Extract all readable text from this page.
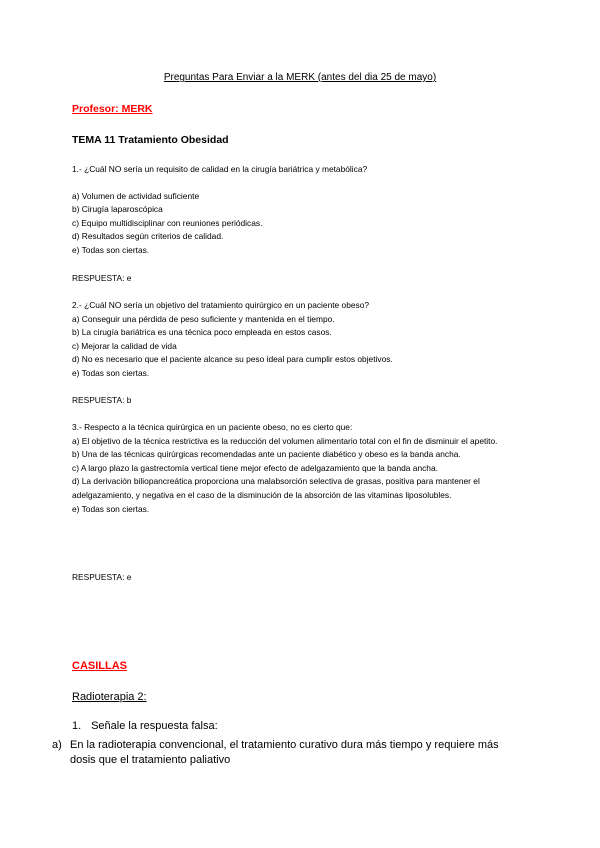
Preguntas Para Enviar a la MERK (antes del dia 25 de mayo)
Profesor: MERK
TEMA 11 Tratamiento Obesidad
1.- ¿Cuál NO sería un requisito de calidad en la cirugía bariátrica y metabólica?
a) Volumen de actividad suficiente
b) Cirugía laparoscópica
c) Equipo multidisciplinar con reuniones periódicas.
d) Resultados según criterios de calidad.
e) Todas son ciertas.
RESPUESTA: e
2.- ¿Cuál NO sería un objetivo del tratamiento quirúrgico en un paciente obeso?
a) Conseguir una pérdida de peso suficiente y mantenida en el tiempo.
b) La cirugía bariátrica es una técnica poco empleada en estos casos.
c) Mejorar la calidad de vida
d) No es necesario que el paciente alcance su peso ideal para cumplir estos objetivos.
e) Todas son ciertas.
RESPUESTA: b
3.- Respecto a la técnica quirúrgica en un paciente obeso, no es cierto que:
a) El objetivo de la técnica restrictiva es la reducción del volumen alimentario total con el fin de disminuir el apetito.
b) Una de las técnicas quirúrgicas recomendadas ante un paciente diabético y obeso es la banda ancha.
c) A largo plazo la gastrectomía vertical tiene mejor efecto de adelgazamiento que la banda ancha.
d) La derivación biliopancreática proporciona una malabsorción selectiva de grasas, positiva para mantener el adelgazamiento, y negativa en el caso de la disminución de la absorción de las vitaminas liposolubles.
e) Todas son ciertas.
RESPUESTA: e
CASILLAS
Radioterapia 2:
1. Señale la respuesta falsa:
a) En la radioterapia convencional, el tratamiento curativo dura más tiempo y requiere más dosis que el tratamiento paliativo
